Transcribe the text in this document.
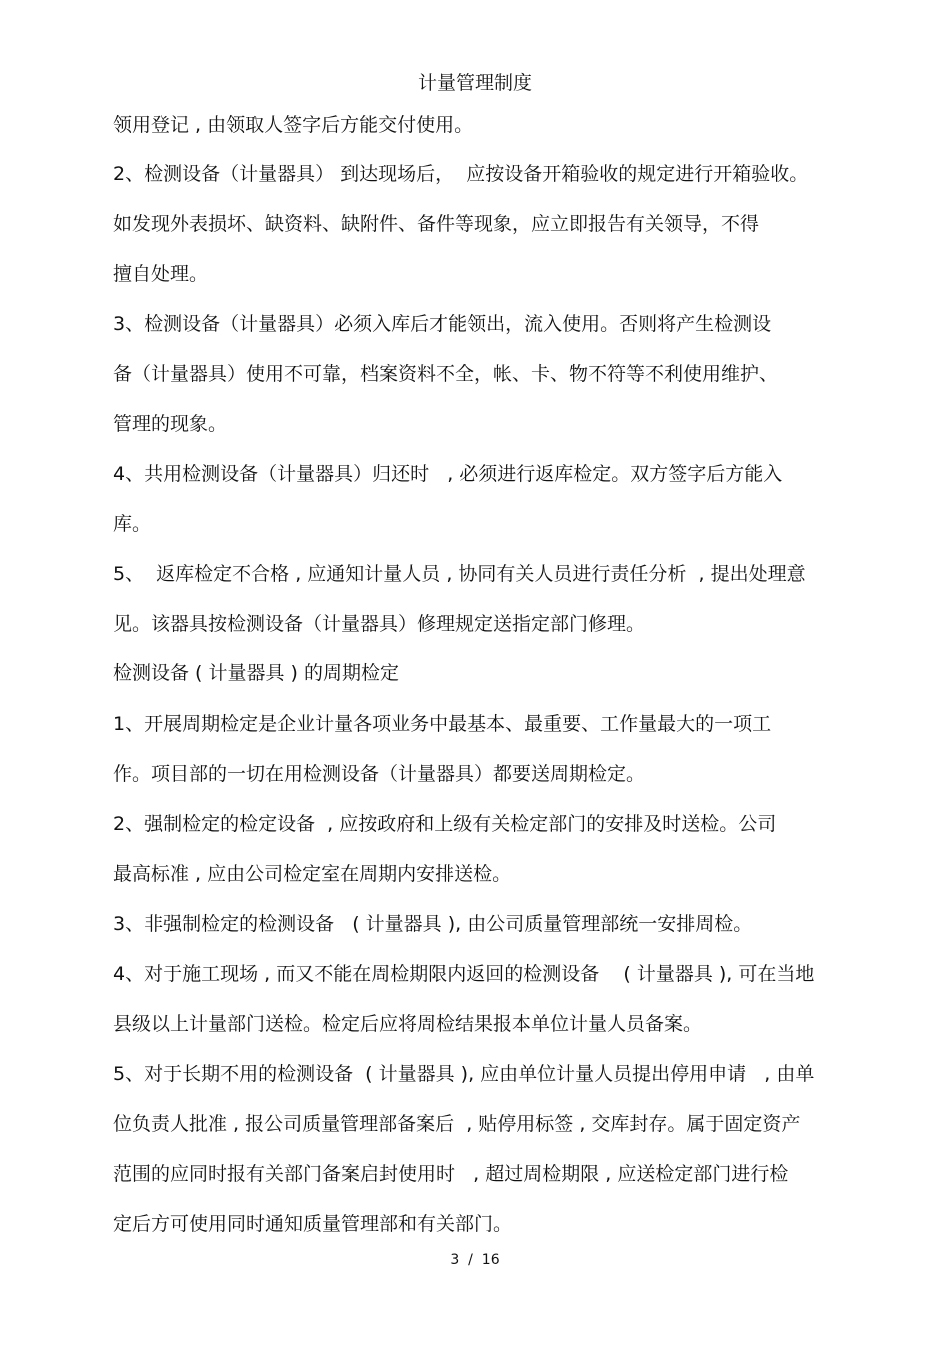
计量管理制度
领用登记 , 由领取人签字后方能交付使用。
2、检测设备（计量器具） 到达现场后，  应按设备开箱验收的规定进行开箱验收。
如发现外表损坏、缺资料、缺附件、备件等现象，应立即报告有关领导，不得
擅自处理。
3、检测设备（计量器具）必须入库后才能领出，流入使用。否则将产生检测设
备（计量器具）使用不可靠，档案资料不全，帐、卡、物不符等不利使用维护、
管理的现象。
4、共用检测设备（计量器具）归还时   , 必须进行返库检定。双方签字后方能入
库。
5、  返库检定不合格 , 应通知计量人员 , 协同有关人员进行责任分析  , 提出处理意
见。该器具按检测设备（计量器具）修理规定送指定部门修理。
检测设备 ( 计量器具 ) 的周期检定
1、开展周期检定是企业计量各项业务中最基本、最重要、工作量最大的一项工
作。项目部的一切在用检测设备（计量器具）都要送周期检定。
2、强制检定的检定设备  , 应按政府和上级有关检定部门的安排及时送检。公司
最高标准 , 应由公司检定室在周期内安排送检。
3、非强制检定的检测设备   ( 计量器具 ), 由公司质量管理部统一安排周检。
4、对于施工现场 , 而又不能在周检期限内返回的检测设备    ( 计量器具 ), 可在当地
县级以上计量部门送检。检定后应将周检结果报本单位计量人员备案。
5、对于长期不用的检测设备  ( 计量器具 ), 应由单位计量人员提出停用申请   , 由单
位负责人批准 , 报公司质量管理部备案后  , 贴停用标签 , 交库封存。属于固定资产
范围的应同时报有关部门备案启封使用时   , 超过周检期限 , 应送检定部门进行检
定后方可使用同时通知质量管理部和有关部门。
3  /  16
